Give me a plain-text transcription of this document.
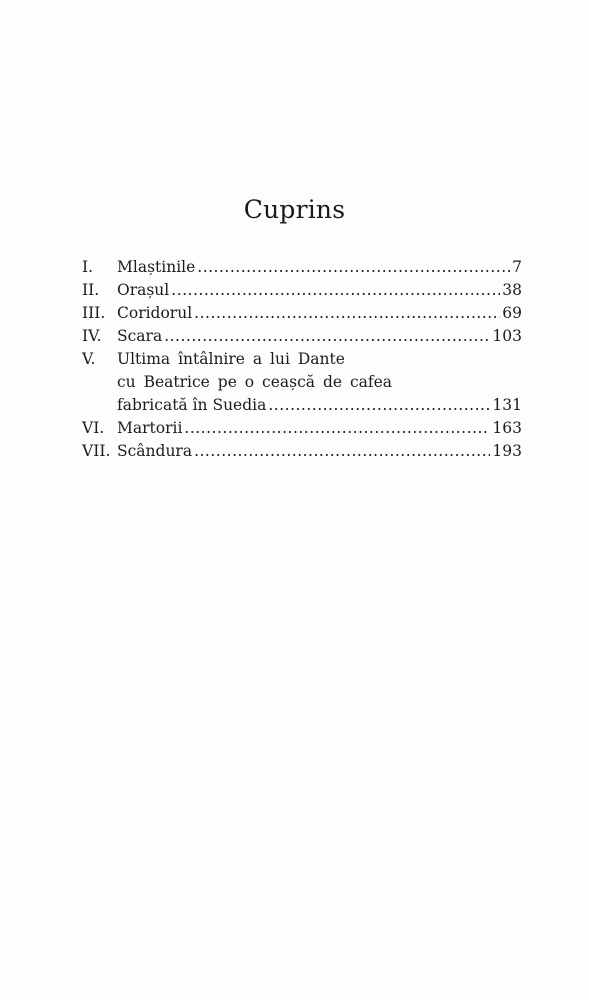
Cuprins
I.	Mlaștinile .....	7
II.	Orașul .....	38
III. Coridorul .....	69
IV. Scara .....	103
V.	Ultima întâlnire a lui Dante
cu Beatrice pe o ceașcă de cafea
fabricată în Suedia .....	131
VI. Martorii .....	163
VII. Scândura .....	193
